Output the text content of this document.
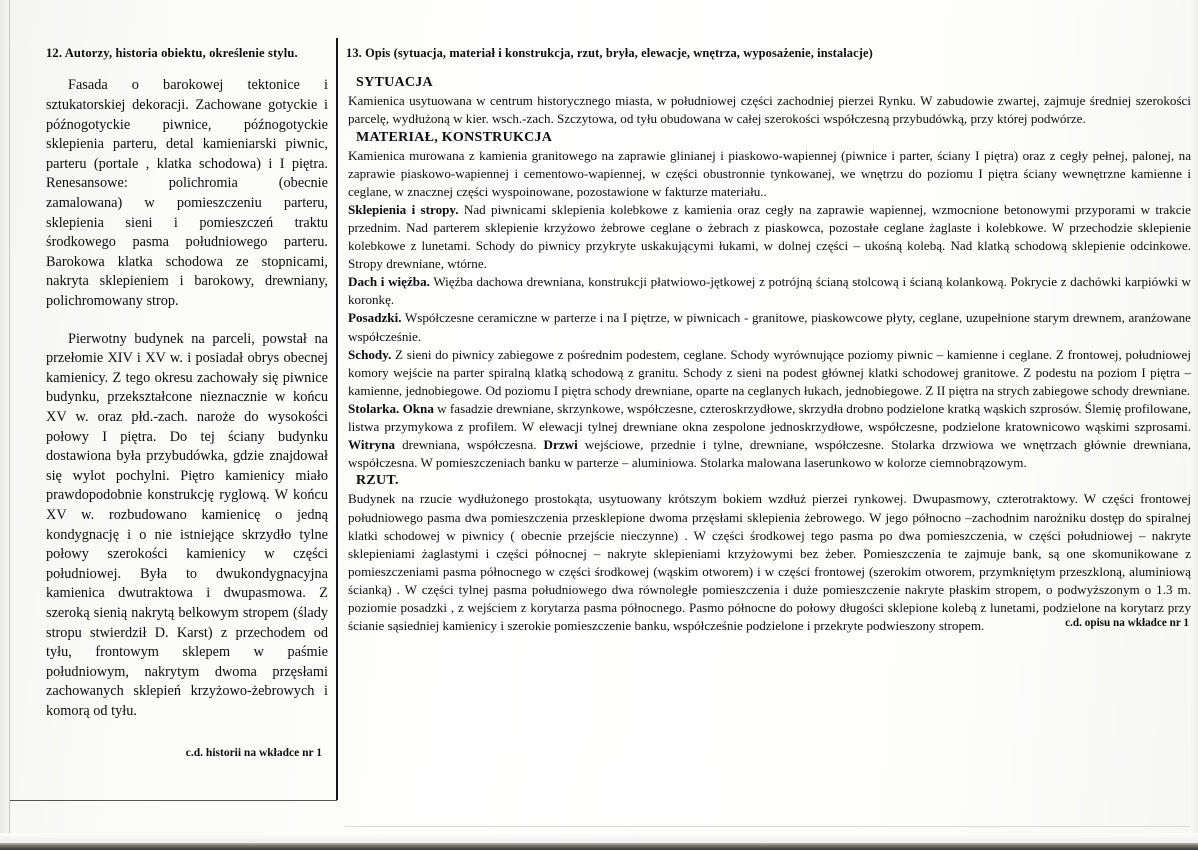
12. Autorzy, historia obiektu, określenie stylu.

Fasada o barokowej tektonice i sztukatorskiej dekoracji. Zachowane gotyckie i późnogotyckie piwnice, późnogotyckie sklepienia parteru, detal kamieniarski piwnic, parteru (portale , klatka schodowa) i I piętra. Renesansowe: polichromia (obecnie zamalowana) w pomieszczeniu parteru, sklepienia sieni i pomieszczeń traktu środkowego pasma południowego parteru. Barokowa klatka schodowa ze stopnicami, nakryta sklepieniem i barokowy, drewniany, polichromowany strop.

Pierwotny budynek na parceli, powstał na przełomie XIV i XV w. i posiadał obrys obecnej kamienicy. Z tego okresu zachowały się piwnice budynku, przekształcone nieznacznie w końcu XV w. oraz płd.-zach. naroże do wysokości połowy I piętra. Do tej ściany budynku dostawiona była przybudówka, gdzie znajdował się wylot pochylni. Piętro kamienicy miało prawdopodobnie konstrukcję ryglową. W końcu XV w. rozbudowano kamienicę o jedną kondygnację i o nie istniejące skrzydło tylne połowy szerokości kamienicy w części południowej. Była to dwukondygnacyjna kamienica dwutraktowa i dwupasmowa. Z szeroką sienią nakrytą belkowym stropem (ślady stropu stwierdził D. Karst) z przechodem od tyłu, frontowym sklepem w paśmie południowym, nakrytym dwoma przęsłami zachowanych sklepień krzyżowo-żebrowych i komorą od tyłu.

c.d. historii na wkładce nr 1
13. Opis (sytuacja, materiał i konstrukcja, rzut, bryła, elewacje, wnętrza, wyposażenie, instalacje)
SYTUACJA

Kamienica usytuowana w centrum historycznego miasta, w południowej części zachodniej pierzei Rynku. W zabudowie zwartej, zajmuje średniej szerokości parcelę, wydłużoną w kier. wsch.-zach. Szczytowa, od tyłu obudowana w całej szerokości współczesną przybudówką, przy której podwórze.

MATERIAŁ, KONSTRUKCJA

Kamienica murowana z kamienia granitowego na zaprawie glinianej i piaskowo-wapiennej (piwnice i parter, ściany I piętra) oraz z cegły pełnej, palonej, na zaprawie piaskowo-wapiennej i cementowo-wapiennej, w części obustronnie tynkowanej, we wnętrzu do poziomu I piętra ściany wewnętrzne kamienne i ceglane, w znacznej części wyspoinowane, pozostawione w fakturze materiału..

Sklepienia i stropy. Nad piwnicami sklepienia kolebkowe z kamienia oraz cegły na zaprawie wapiennej, wzmocnione betonowymi przyporami w trakcie przednim. Nad parterem sklepienie krzyżowo żebrowe ceglane o żebrach z piaskowca, pozostałe ceglane żaglaste i kolebkowe. W przechodzie sklepienie kolebkowe z lunetami. Schody do piwnicy przykryte uskakującymi łukami, w dolnej części – ukośną kolebą. Nad klatką schodową sklepienie odcinkowe. Stropy drewniane, wtórne.

Dach i więźba. Więźba dachowa drewniana, konstrukcji płatwiowo-jętkowej z potrójną ścianą stolcową i ścianą kolankową. Pokrycie z dachówki karpiówki w koronkę.

Posadzki. Współczesne ceramiczne w parterze i na I piętrze, w piwnicach - granitowe, piaskowcowe płyty, ceglane, uzupełnione starym drewnem, aranżowane współcześnie.

Schody. Z sieni do piwnicy zabiegowe z pośrednim podestem, ceglane. Schody wyrównujące poziomy piwnic – kamienne i ceglane. Z frontowej, południowej komory wejście na parter spiralną klatką schodową z granitu. Schody z sieni na podest głównej klatki schodowej granitowe. Z podestu na poziom I piętra – kamienne, jednobiegowe. Od poziomu I piętra schody drewniane, oparte na ceglanych łukach, jednobiegowe. Z II piętra na strych zabiegowe schody drewniane.

Stolarka. Okna w fasadzie drewniane, skrzynkowe, współczesne, czteroskrzydłowe, skrzydła drobno podzielone kratką wąskich szprosów. Ślemię profilowane, listwa przymykowa z profilem. W elewacji tylnej drewniane okna zespolone jednoskrzydłowe, współczesne, podzielone kratownicowo wąskimi szprosami. Witryna drewniana, współczesna. Drzwi wejściowe, przednie i tylne, drewniane, współczesne. Stolarka drzwiowa we wnętrzach głównie drewniana, współczesna. W pomieszczeniach banku w parterze – aluminiowa. Stolarka malowana laserunkowo w kolorze ciemnobrązowym.

RZUT.

Budynek na rzucie wydłużonego prostokąta, usytuowany krótszym bokiem wzdłuż pierzei rynkowej. Dwupasmowy, czterotraktowy. W części frontowej południowego pasma dwa pomieszczenia przesklepione dwoma przęsłami sklepienia żebrowego. W jego północno –zachodnim narożniku dostęp do spiralnej klatki schodowej w piwnicy ( obecnie przejście nieczynne) . W części środkowej tego pasma po dwa pomieszczenia, w części południowej – nakryte sklepieniami żaglastymi i części północnej – nakryte sklepieniami krzyżowymi bez żeber. Pomieszczenia te zajmuje bank, są one skomunikowane z pomieszczeniami pasma północnego w części środkowej (wąskim otworem) i w części frontowej (szerokim otworem, przymkniętym przeszkloną, aluminiową ścianką) . W części tylnej pasma południowego dwa równoległe pomieszczenia i duże pomieszczenie nakryte płaskim stropem, o podwyższonym o 1.3 m. poziomie posadzki , z wejściem z korytarza pasma północnego. Pasmo północne do połowy długości sklepione kolebą z lunetami, podzielone na korytarz przy ścianie sąsiedniej kamienicy i szerokie pomieszczenie banku, współcześnie podzielone i przekryte podwieszony stropem.	c.d. opisu na wkładce nr 1
